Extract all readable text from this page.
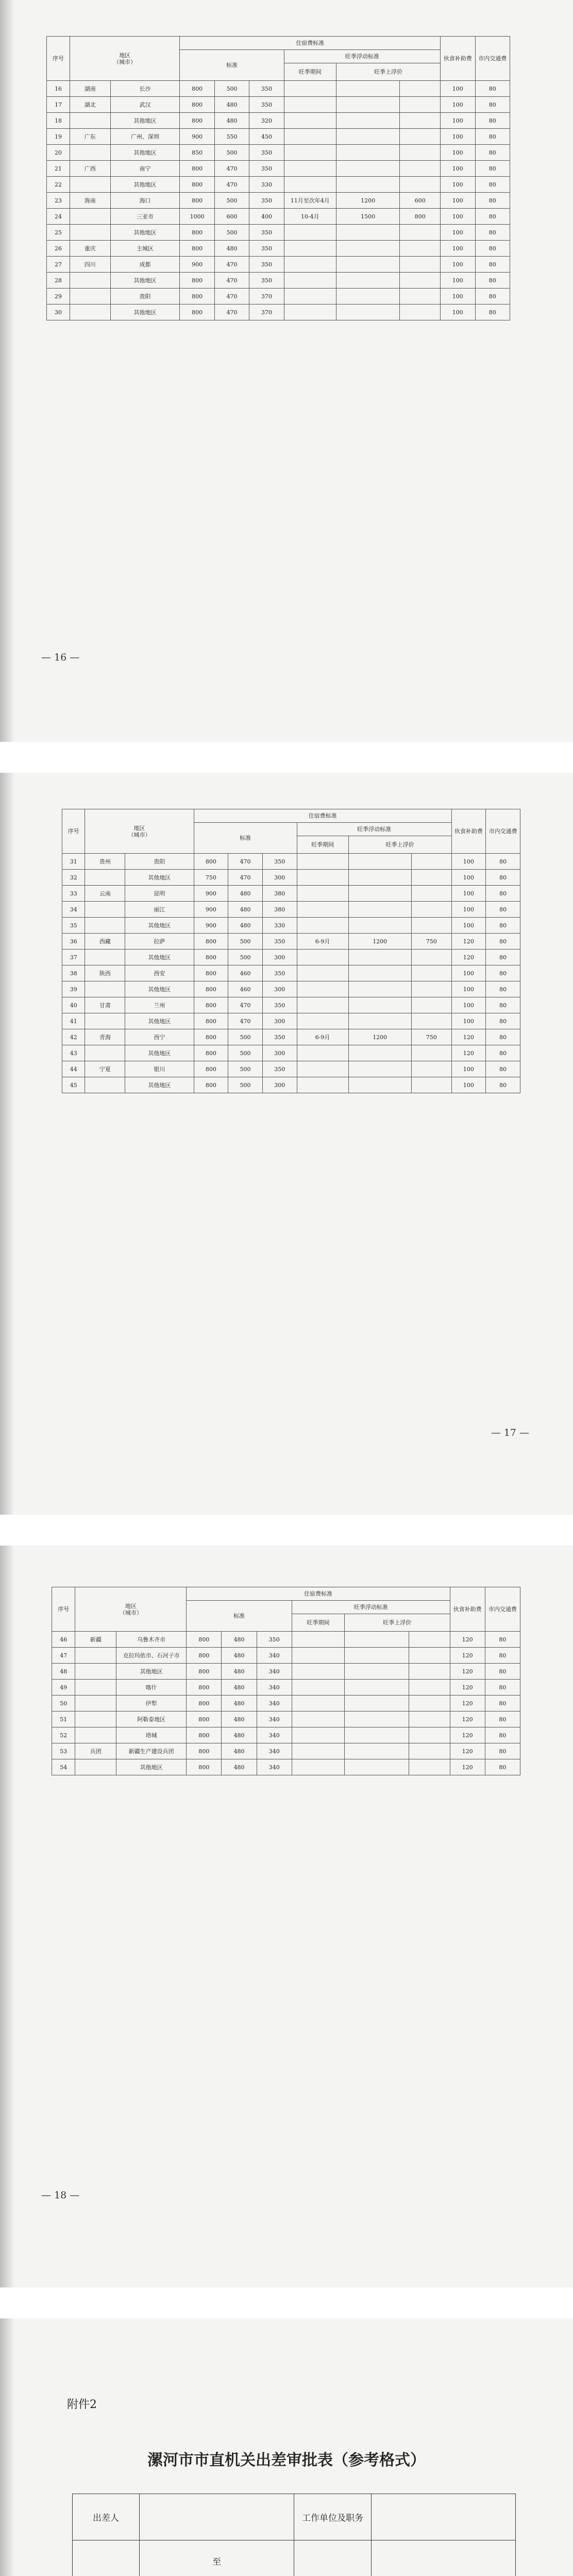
序号	地区
（城市）		住宿费标准						伙食补助费	市内交通费
			标准			旺季浮动标准				
						旺季期间	旺季上浮价			
16	湖南	长沙	800	500	350				100	80
17	湖北	武汉	800	480	350				100	80
18		其他地区	800	480	320				100	80
19	广东	广州、深圳	900	550	450				100	80
20		其他地区	850	500	350				100	80
21	广西	南宁	800	470	350				100	80
22		其他地区	800	470	330				100	80
23	海南	海口	800	500	350	11月至次年4月	1200	600	100	80
24		三亚市	1000	600	400	10-4月	1500	800	100	80
25		其他地区	800	500	350				100	80
26	重庆	主城区	800	480	350				100	80
27	四川	成都	900	470	350				100	80
28		其他地区	800	470	350				100	80
29		贵阳	800	470	370				100	80
30		其他地区	800	470	370				100	80
— 16 —
序号	地区
（城市）		住宿费标准						伙食补助费	市内交通费
			标准			旺季浮动标准				
						旺季期间	旺季上浮价			
31	贵州	贵阳	800	470	350				100	80
32		其他地区	750	470	300				100	80
33	云南	昆明	900	480	380				100	80
34		丽江	900	480	380				100	80
35		其他地区	900	480	330				100	80
36	西藏	拉萨	800	500	350	6-9月	1200	750	120	80
37		其他地区	800	500	300				120	80
38	陕西	西安	800	460	350				100	80
39		其他地区	800	460	300				100	80
40	甘肃	兰州	800	470	350				100	80
41		其他地区	800	470	300				100	80
42	青海	西宁	800	500	350	6-9月	1200	750	120	80
43		其他地区	800	500	300				120	80
44	宁夏	银川	800	500	350				100	80
45		其他地区	800	500	300				100	80
— 17 —
序号	地区
（城市）		住宿费标准						伙食补助费	市内交通费
			标准			旺季浮动标准				
						旺季期间	旺季上浮价			
46	新疆	乌鲁木齐市	800	480	350				120	80
47		克拉玛依市、石河子市	800	480	340				120	80
48		其他地区	800	480	340				120	80
49		喀什	800	480	340				120	80
50		伊犁	800	480	340				120	80
51		阿勒泰地区	800	480	340				120	80
52		塔城	800	480	340				120	80
53	兵团	新疆生产建设兵团	800	480	340				120	80
54		其他地区	800	480	340				120	80
— 18 —
附件2
漯河市市直机关出差审批表（参考格式）
出差人		工作单位及职务	
	至		
